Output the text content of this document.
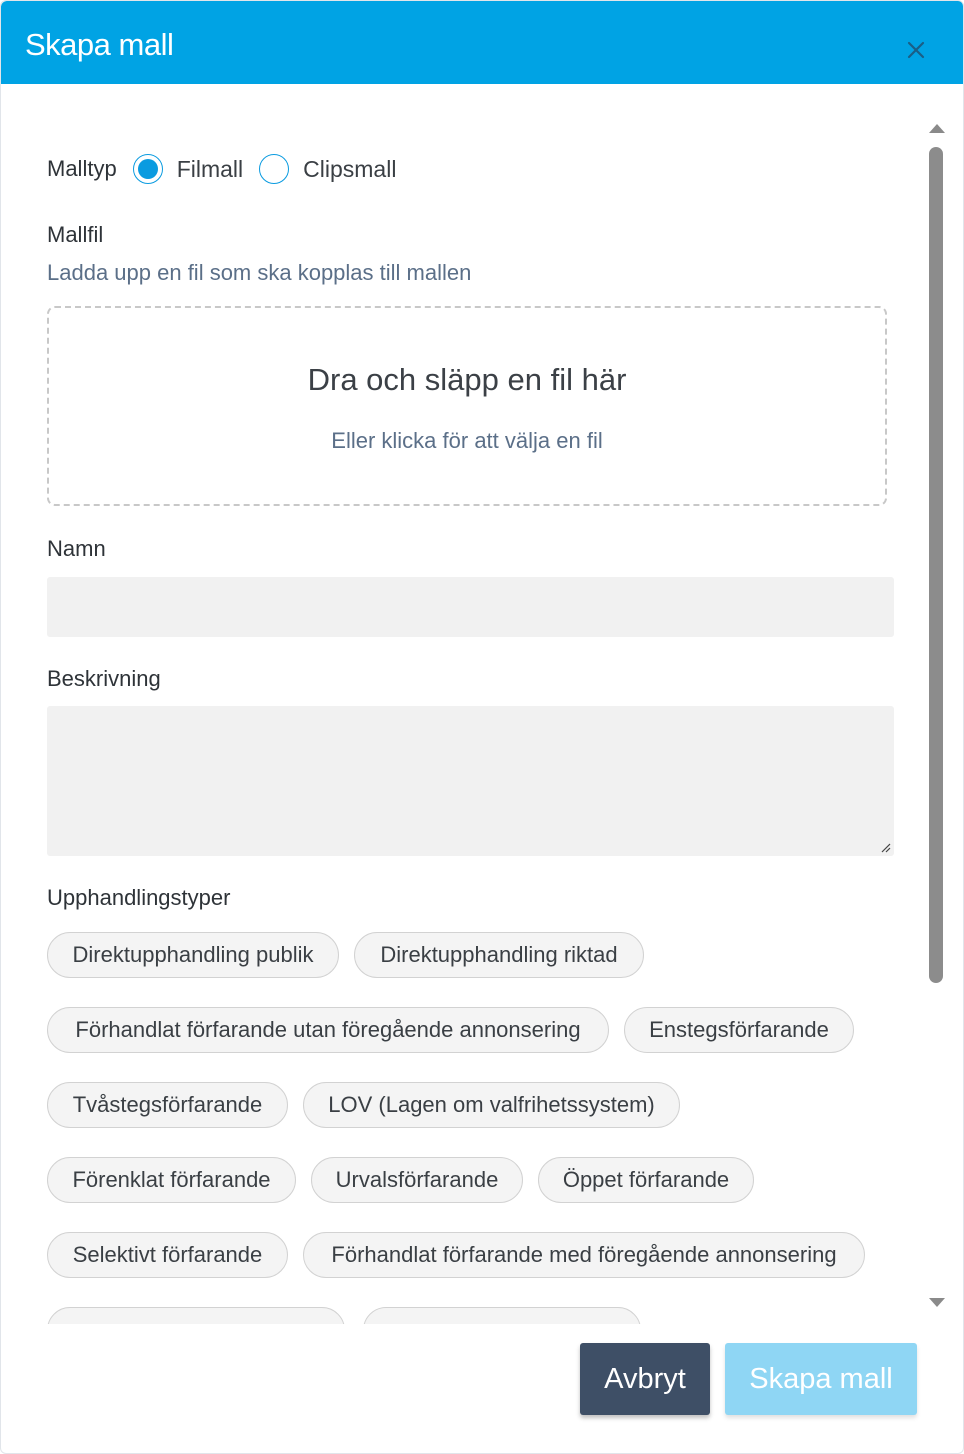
Skapa mall
Malltyp	Filmall	Clipsmall
Mallfil
Ladda upp en fil som ska kopplas till mallen
Dra och släpp en fil här
Eller klicka för att välja en fil
Namn
Beskrivning
Upphandlingstyper
Direktupphandling publik	Direktupphandling riktad
Förhandlat förfarande utan föregående annonsering	Enstegsförfarande
Tvåstegsförfarande	LOV (Lagen om valfrihetssystem)
Förenklat förfarande	Urvalsförfarande	Öppet förfarande
Selektivt förfarande	Förhandlat förfarande med föregående annonsering
Avbryt	Skapa mall
